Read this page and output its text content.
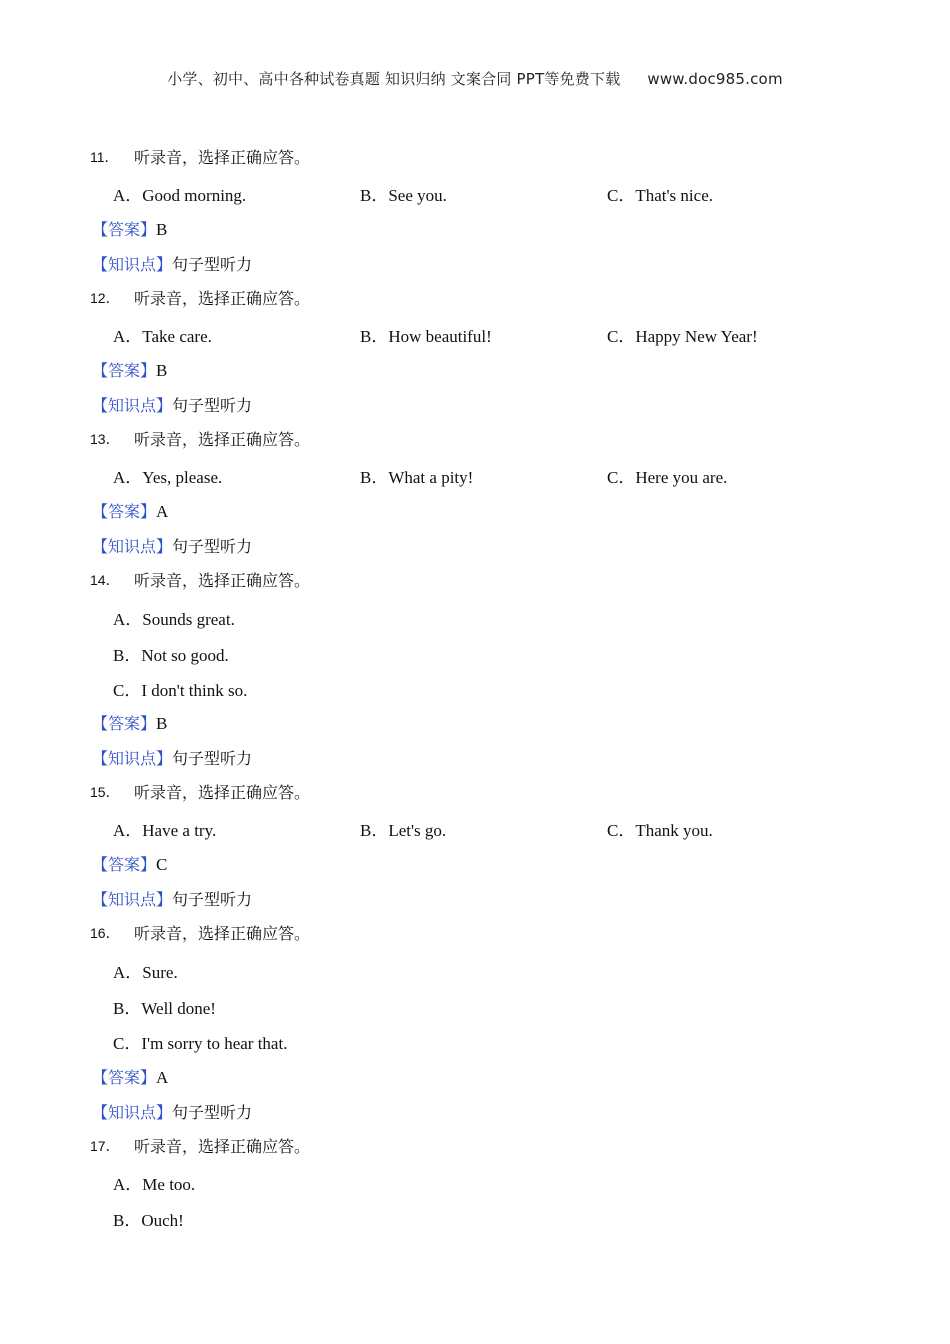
小学、初中、高中各种试卷真题 知识归纳 文案合同 PPT等免费下载 www.doc985.com
11． 听录音，选择正确应答。
A．Good morning.	B．See you.	C．That's nice.
【答案】B
【知识点】句子型听力
12． 听录音，选择正确应答。
A．Take care.	B．How beautiful!	C．Happy New Year!
【答案】B
【知识点】句子型听力
13． 听录音，选择正确应答。
A．Yes, please.	B．What a pity!	C．Here you are.
【答案】A
【知识点】句子型听力
14． 听录音，选择正确应答。
A．Sounds great.
B．Not so good.
C．I don't think so.
【答案】B
【知识点】句子型听力
15． 听录音，选择正确应答。
A．Have a try.	B．Let's go.	C．Thank you.
【答案】C
【知识点】句子型听力
16． 听录音，选择正确应答。
A．Sure.
B．Well done!
C．I'm sorry to hear that.
【答案】A
【知识点】句子型听力
17． 听录音，选择正确应答。
A．Me too.
B．Ouch!
